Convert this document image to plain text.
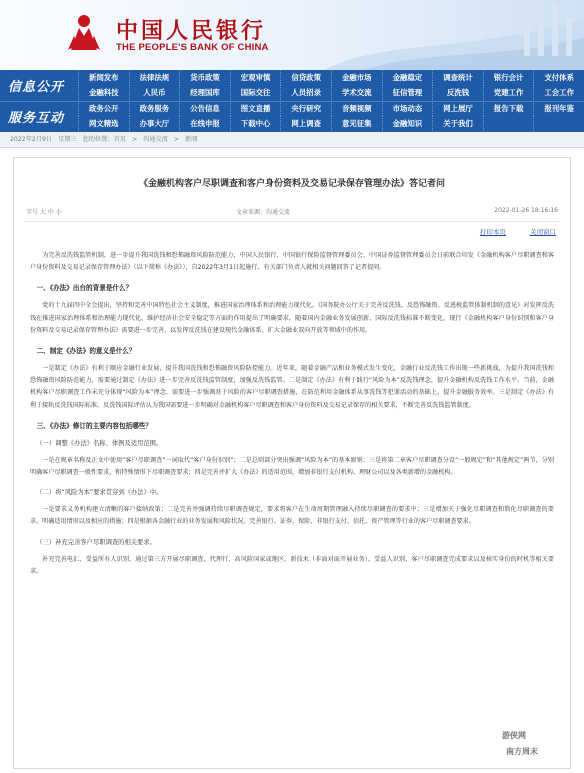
中国人民银行
THE PEOPLE'S BANK OF CHINA
信息公开
新闻发布	法律法规	货币政策	宏观审慎	信贷政策	金融市场	金融稳定	调查统计	银行会计	支付体系
金融科技	人民币	经理国库	国际交往	人员招录	学术交流	征信管理	反洗钱	党建工作	工会工作
服务互动
政务公开	政务服务	公告信息	图文直播	央行研究	音频视频	市场动态	网上展厅	报告下载	报刊年鉴
网文精选	办事大厅	在线申报	下载中心	网上调查	意见征集	金融知识	关于我们
2022年2月9日 星期三 您的位置：首页 > 沟通交流 > 新闻
《金融机构客户尽职调查和客户身份资料及交易记录保存管理办法》答记者问
字号 大 中 小	文章来源：沟通交流	2022-01-26 18:16:16
打印本页	关闭窗口

为完善反洗钱监管机制，进一步提升我国洗钱和恐怖融资风险防范能力，中国人民银行、中国银行保险监督管理委员会、中国证券监督管理委员会日前联合印发《金融机构客户尽职调查和客户身份资料及交易记录保存管理办法》（以下简称《办法》），自2022年3月1日起施行。有关部门负责人就相关问题回答了记者提问。

一、《办法》出台的背景是什么？

党的十九届四中全会提出，坚持和完善中国特色社会主义制度，推进国家治理体系和治理能力现代化。《国务院办公厅关于完善反洗钱、反恐怖融资、反逃税监管体制机制的意见》对发挥反洗钱在推进国家治理体系和治理能力现代化、维护经济社会安全稳定等方面的作用提出了明确要求。随着国内金融业务发展创新、国际反洗钱标准不断变化，现行《金融机构客户身份识别和客户身份资料及交易记录保存管理办法》需要进一步完善，以发挥反洗钱在建设现代金融体系、扩大金融业双向开放等领域中的作用。

二、制定《办法》的意义是什么？

一是制定《办法》有利于顺应金融行业发展，提升我国洗钱和恐怖融资风险防控能力。近年来，随着金融产品和业务模式发生变化，金融行业反洗钱工作出现一些新挑战，为提升我国洗钱和恐怖融资风险防范能力，需要通过制定《办法》进一步完善反洗钱监管制度，加强反洗钱监管。二是制定《办法》有利于践行“风险为本”反洗钱理念，提升金融机构反洗钱工作水平。当前，金融机构客户尽职调查工作未充分体现“风险为本”理念，需要进一步强调基于风险的客户尽职调查措施，在防范利用金融体系从事洗钱等犯罪活动的基础上，提升金融服务效率。三是制定《办法》有利于接轨反洗钱国际标准。反洗钱国际评估认为我国需要进一步明确对金融机构客户尽职调查和客户身份资料及交易记录保存的相关要求，不断完善反洗钱监管制度。

三、《办法》修订的主要内容包括哪些？

（一）调整《办法》名称、体例及适用范围。

一是在规章名称及正文中使用“客户尽职调查”一词取代“客户身份识别”；二是总则部分突出强调“风险为本”的基本原则；三是将第二章客户尽职调查分设“一般规定”和“其他规定”两节，分别明确客户尽职调查一般性要求，和特殊情形下尽职调查要求；四是完善并扩大《办法》的适用范围，增加非银行支付机构、理财公司以及各类新增的金融机构。

（二）将“风险为本”要求贯穿到《办法》中。

一是要求义务机构建立清晰的客户接纳政策；二是完善并强调持续尽职调查规定，要求将客户在生命周期管理融入持续尽职调查的要求中；三是增加关于强化尽职调查和简化尽职调查的要求，明确适用情形以及相应的措施；四是根据各金融行业的业务发展和风险状况，完善银行、证券、保险、非银行支付、信托、资产管理等行业的客户尽职调查要求。

（三）补充完善客户尽职调查的相关要求。

补充完善电汇、受益所有人识别、通过第三方开展尽职调查、代理行、高风险国家或地区、新技术（非面对面开展业务）、受益人识别、客户尽职调查完成要求以及核实身份的时机等相关要求。

游侠网
南方周末
